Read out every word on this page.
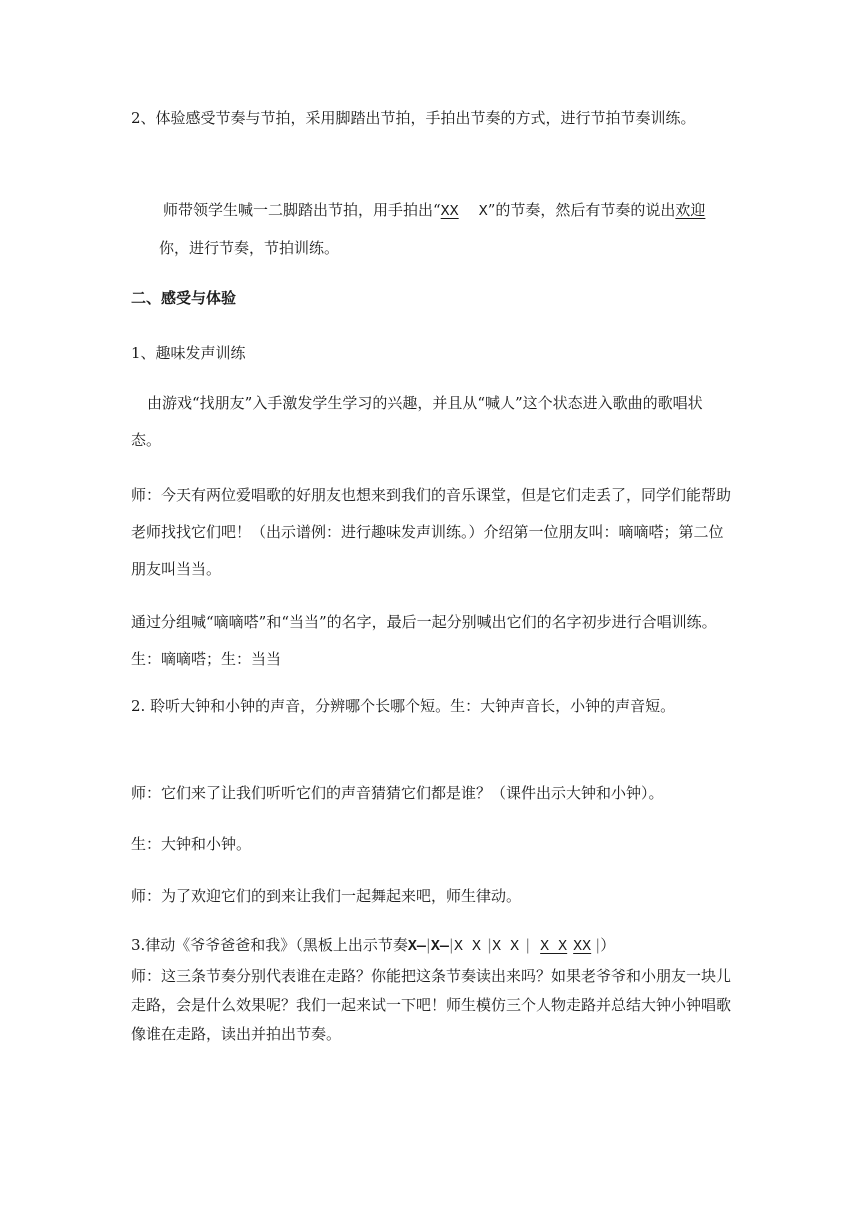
2、体验感受节奏与节拍，采用脚踏出节拍，手拍出节奏的方式，进行节拍节奏训练。

师带领学生喊一二脚踏出节拍，用手拍出“XX X”的节奏，然后有节奏的说出欢迎你，进行节奏，节拍训练。

二、感受与体验

1、趣味发声训练

由游戏“找朋友”入手激发学生学习的兴趣，并且从“喊人”这个状态进入歌曲的歌唱状态。

师：今天有两位爱唱歌的好朋友也想来到我们的音乐课堂，但是它们走丢了，同学们能帮助老师找找它们吧！（出示谱例：进行趣味发声训练。）介绍第一位朋友叫：嘀嘀嗒；第二位朋友叫当当。

通过分组喊“嘀嘀嗒”和“当当”的名字，最后一起分别喊出它们的名字初步进行合唱训练。生：嘀嘀嗒；生：当当

2. 聆听大钟和小钟的声音，分辨哪个长哪个短。生：大钟声音长，小钟的声音短。

师：它们来了让我们听听它们的声音猜猜它们都是谁？（课件出示大钟和小钟）。

生：大钟和小钟。

师：为了欢迎它们的到来让我们一起舞起来吧，师生律动。

3.律动《爷爷爸爸和我》（黑板上出示节奏X—|X—|X X |X X | X X XX |）

师：这三条节奏分别代表谁在走路？你能把这条节奏读出来吗？如果老爷爷和小朋友一块儿走路，会是什么效果呢？我们一起来试一下吧！师生模仿三个人物走路并总结大钟小钟唱歌像谁在走路，读出并拍出节奏。
